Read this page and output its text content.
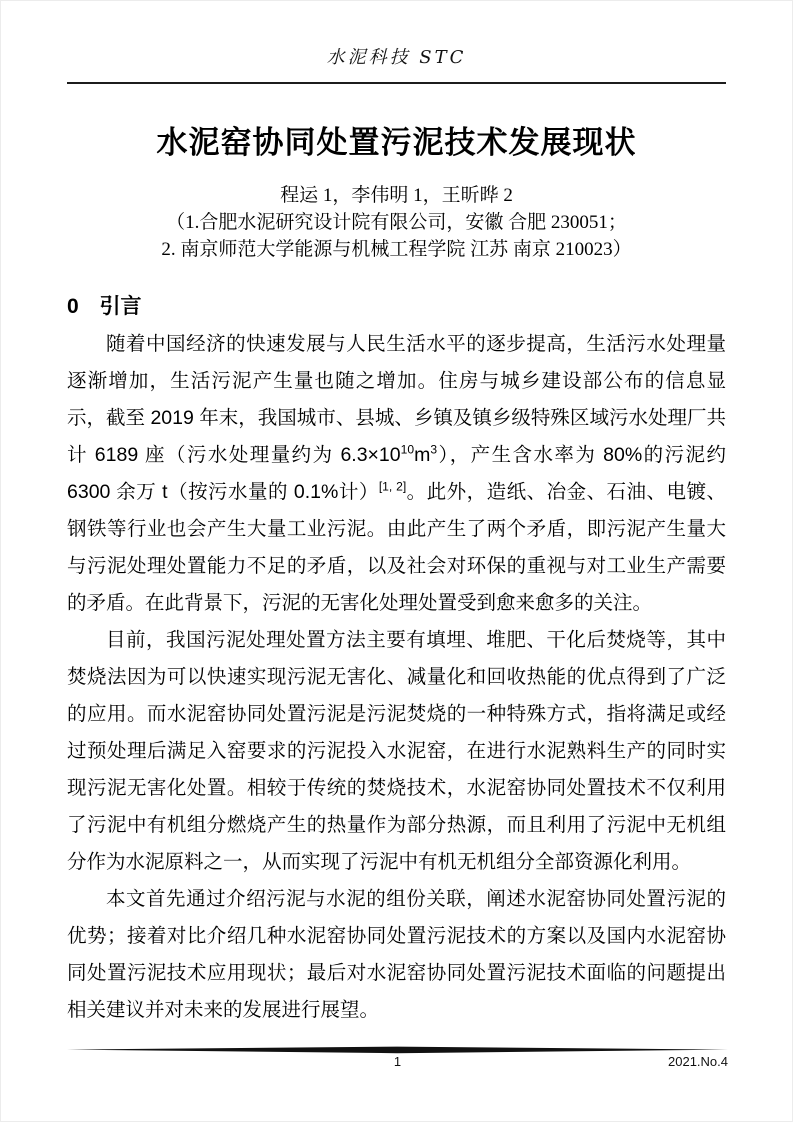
水泥科技 STC
水泥窑协同处置污泥技术发展现状
程运 1，李伟明 1，王昕晔 2
（1.合肥水泥研究设计院有限公司，安徽 合肥 230051；
2. 南京师范大学能源与机械工程学院 江苏 南京 210023）
0 引言

随着中国经济的快速发展与人民生活水平的逐步提高，生活污水处理量逐渐增加，生活污泥产生量也随之增加。住房与城乡建设部公布的信息显示，截至 2019 年末，我国城市、县城、乡镇及镇乡级特殊区域污水处理厂共计 6189 座（污水处理量约为 $6.3\times 10^{10}m^3$），产生含水率为 80%的污泥约 6300 余万 t（按污水量的 0.1%计）[1, 2]。此外，造纸、冶金、石油、电镀、钢铁等行业也会产生大量工业污泥。由此产生了两个矛盾，即污泥产生量大与污泥处理处置能力不足的矛盾，以及社会对环保的重视与对工业生产需要的矛盾。在此背景下，污泥的无害化处理处置受到愈来愈多的关注。

目前，我国污泥处理处置方法主要有填埋、堆肥、干化后焚烧等，其中焚烧法因为可以快速实现污泥无害化、减量化和回收热能的优点得到了广泛的应用。而水泥窑协同处置污泥是污泥焚烧的一种特殊方式，指将满足或经过预处理后满足入窑要求的污泥投入水泥窑，在进行水泥熟料生产的同时实现污泥无害化处置。相较于传统的焚烧技术，水泥窑协同处置技术不仅利用了污泥中有机组分燃烧产生的热量作为部分热源，而且利用了污泥中无机组分作为水泥原料之一，从而实现了污泥中有机无机组分全部资源化利用。

本文首先通过介绍污泥与水泥的组份关联，阐述水泥窑协同处置污泥的优势；接着对比介绍几种水泥窑协同处置污泥技术的方案以及国内水泥窑协同处置污泥技术应用现状；最后对水泥窑协同处置污泥技术面临的问题提出相关建议并对未来的发展进行展望。

1	2021.No.4
